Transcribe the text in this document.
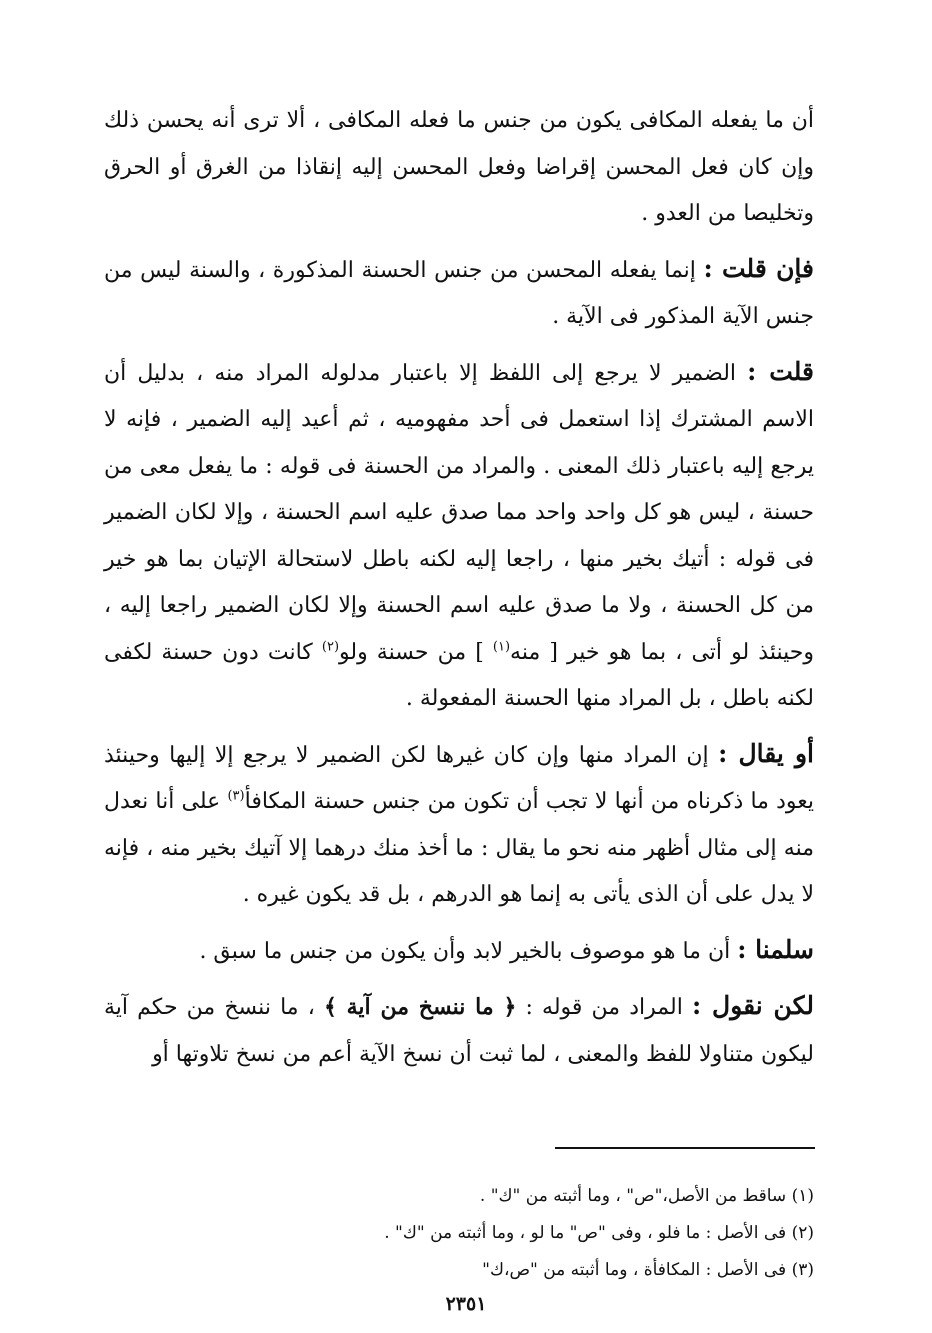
أن ما يفعله المكافى يكون من جنس ما فعله المكافى ، ألا ترى أنه يحسن ذلك وإن كان فعل المحسن إقراضا وفعل المحسن إليه إنقاذا من الغرق أو الحرق وتخليصا من العدو .

فإن قلت : إنما يفعله المحسن من جنس الحسنة المذكورة ، والسنة ليس من جنس الآية المذكور فى الآية .

قلت : الضمير لا يرجع إلى اللفظ إلا باعتبار مدلوله المراد منه ، بدليل أن الاسم المشترك إذا استعمل فى أحد مفهوميه ، ثم أعيد إليه الضمير ، فإنه لا يرجع إليه باعتبار ذلك المعنى . والمراد من الحسنة فى قوله : ما يفعل معى من حسنة ، ليس هو كل واحد واحد مما صدق عليه اسم الحسنة ، وإلا لكان الضمير فى قوله : أتيك بخير منها ، راجعا إليه لكنه باطل لاستحالة الإتيان بما هو خير من كل الحسنة ، ولا ما صدق عليه اسم الحسنة وإلا لكان الضمير راجعا إليه ، وحينئذ لو أتى ، بما هو خير [ منه$^{(١)}$ ] من حسنة ولو$^{(٢)}$ كانت دون حسنة لكفى لكنه باطل ، بل المراد منها الحسنة المفعولة .

أو يقال : إن المراد منها وإن كان غيرها لكن الضمير لا يرجع إلا إليها وحينئذ يعود ما ذكرناه من أنها لا تجب أن تكون من جنس حسنة المكافأ$^{(٣)}$ على أنا نعدل منه إلى مثال أظهر منه نحو ما يقال : ما أخذ منك درهما إلا آتيك بخير منه ، فإنه لا يدل على أن الذى يأتى به إنما هو الدرهم ، بل قد يكون غيره .

سلمنا : أن ما هو موصوف بالخير لابد وأن يكون من جنس ما سبق .

لكن نقول : المراد من قوله : ﴿ ما ننسخ من آية ﴾ ، ما ننسخ من حكم آية ليكون متناولا للفظ والمعنى ، لما ثبت أن نسخ الآية أعم من نسخ تلاوتها أو

(١) ساقط من الأصل،"ص" ، وما أثبته من "ك" .

(٢) فى الأصل : ما فلو ، وفى "ص" ما لو ، وما أثبته من "ك" .

(٣) فى الأصل : المكافأة ، وما أثبته من "ص،ك"

٢٣٥١
